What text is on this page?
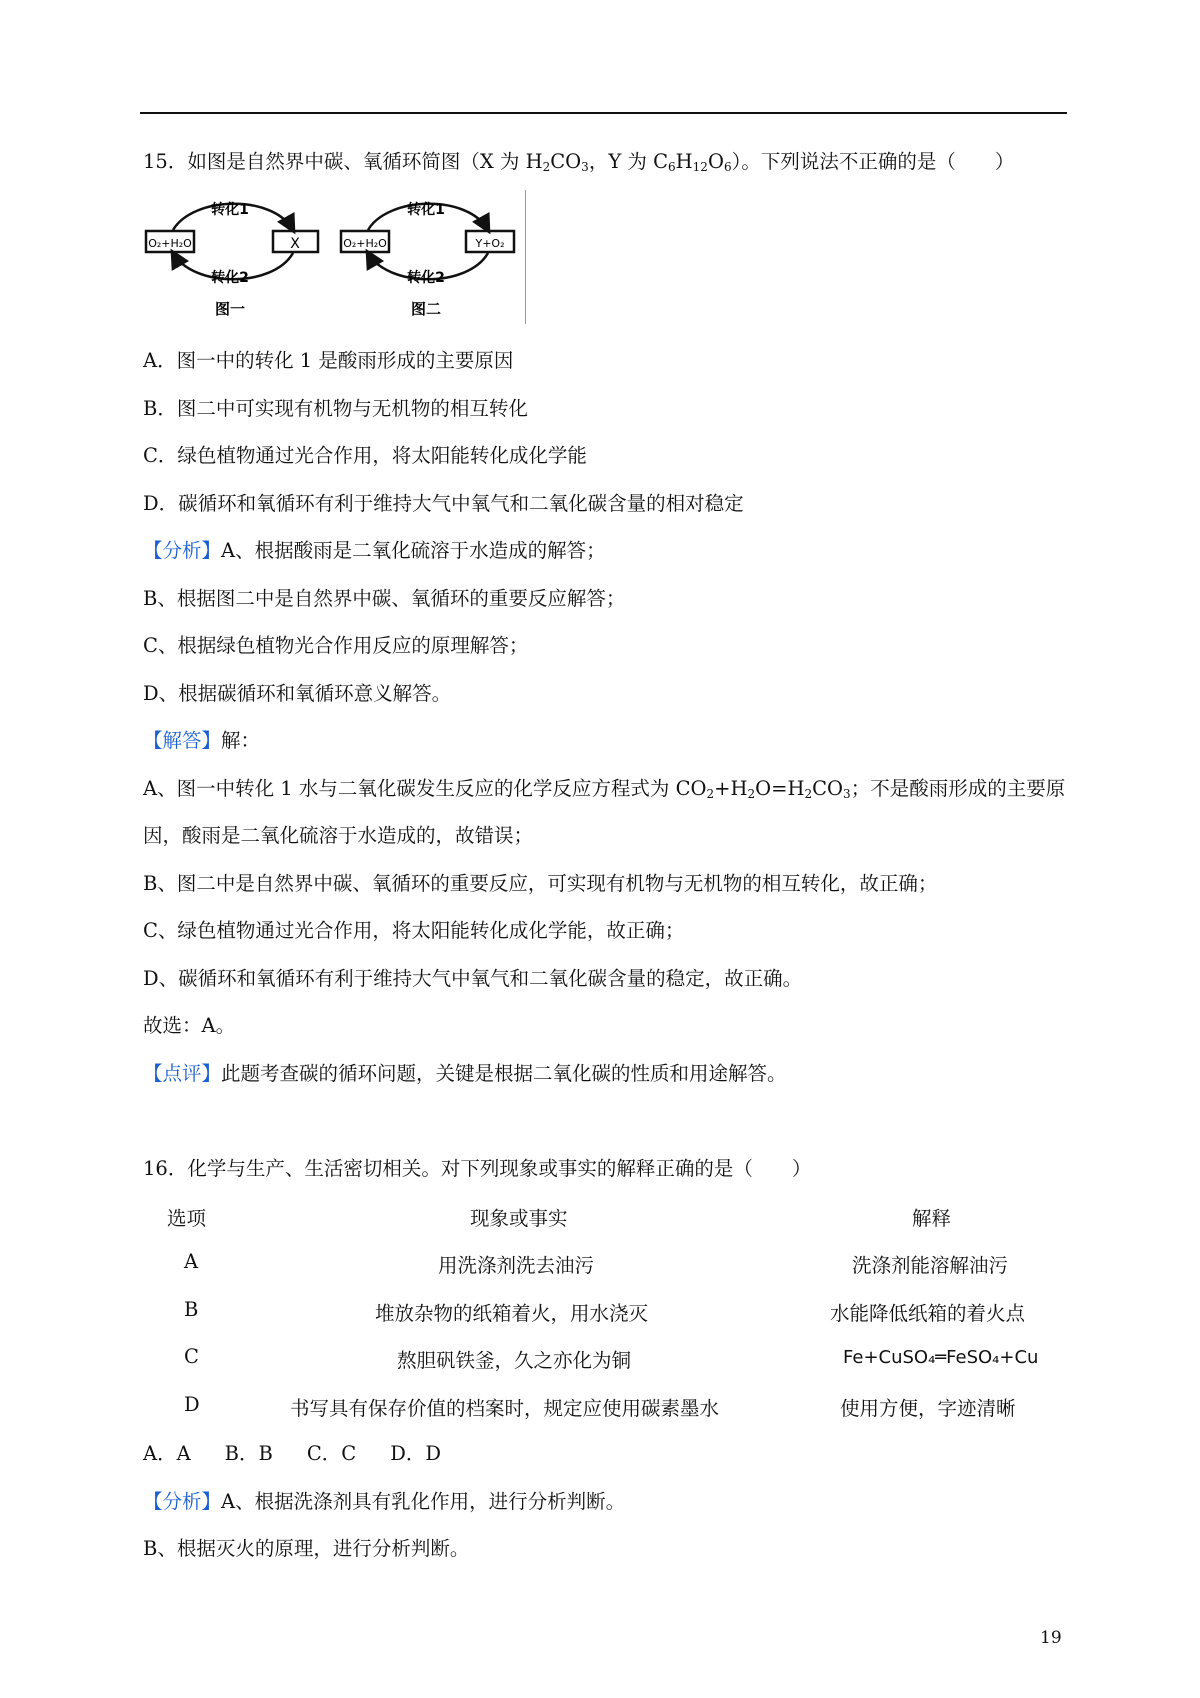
15．如图是自然界中碳、氧循环简图（X 为 $H_2CO_3$，Y 为 $C_6H_{12}O_6$）。下列说法不正确的是（　　）
O₂+H₂O	X
转化1
转化2
图一
O₂+H₂O	Y+O₂
转化1
转化2
图二
A．图一中的转化 1 是酸雨形成的主要原因
B．图二中可实现有机物与无机物的相互转化
C．绿色植物通过光合作用，将太阳能转化成化学能
D．碳循环和氧循环有利于维持大气中氧气和二氧化碳含量的相对稳定
【分析】A、根据酸雨是二氧化硫溶于水造成的解答；
B、根据图二中是自然界中碳、氧循环的重要反应解答；
C、根据绿色植物光合作用反应的原理解答；
D、根据碳循环和氧循环意义解答。
【解答】解：
A、图一中转化 1 水与二氧化碳发生反应的化学反应方程式为 $CO_2+H_2O=H_2CO_3$；不是酸雨形成的主要原
因，酸雨是二氧化硫溶于水造成的，故错误；
B、图二中是自然界中碳、氧循环的重要反应，可实现有机物与无机物的相互转化，故正确；
C、绿色植物通过光合作用，将太阳能转化成化学能，故正确；
D、碳循环和氧循环有利于维持大气中氧气和二氧化碳含量的稳定，故正确。
故选：A。
【点评】此题考查碳的循环问题，关键是根据二氧化碳的性质和用途解答。
16．化学与生产、生活密切相关。对下列现象或事实的解释正确的是（　　）
选项	现象或事实	解释
A	用洗涤剂洗去油污	洗涤剂能溶解油污
B	堆放杂物的纸箱着火，用水浇灭	水能降低纸箱的着火点
C	熬胆矾铁釜，久之亦化为铜	Fe+CuSO₄═FeSO₄+Cu
D	书写具有保存价值的档案时，规定应使用碳素墨水	使用方便，字迹清晰
A．A B．B C．C D．D
【分析】A、根据洗涤剂具有乳化作用，进行分析判断。
B、根据灭火的原理，进行分析判断。
19
